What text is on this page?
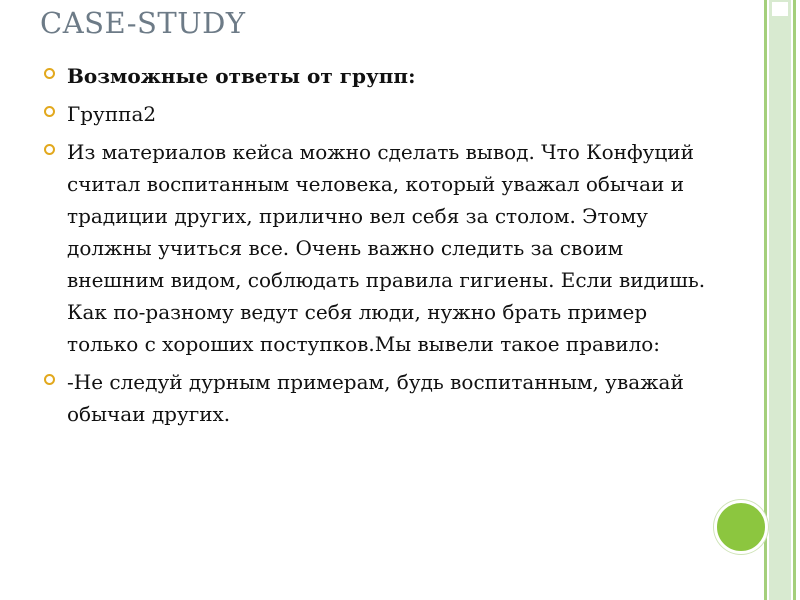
CASE-STUDY
Возможные ответы от групп:
Группа2
Из материалов кейса можно сделать вывод. Что Конфуций считал воспитанным человека, который уважал обычаи и традиции других, прилично вел себя за столом. Этому должны учиться все. Очень важно следить за своим внешним видом, соблюдать правила гигиены. Если видишь. Как по-разному ведут себя люди, нужно брать пример только с хороших поступков.Мы вывели такое правило:
-Не следуй дурным примерам, будь воспитанным, уважай обычаи других.
